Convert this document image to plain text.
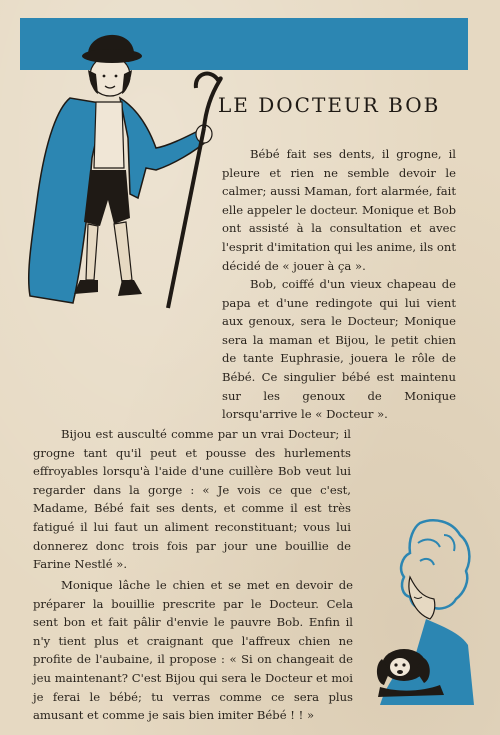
LE DOCTEUR BOB

Bébé fait ses dents, il grogne, il pleure et rien ne semble devoir le calmer; aussi Maman, fort alarmée, fait elle appeler le docteur. Monique et Bob ont assisté à la consultation et avec l'esprit d'imitation qui les anime, ils ont décidé de « jouer à ça ».

Bob, coiffé d'un vieux chapeau de papa et d'une redingote qui lui vient aux genoux, sera le Docteur; Monique sera la maman et Bijou, le petit chien de tante Euphrasie, jouera le rôle de Bébé. Ce singulier bébé est maintenu sur les genoux de Monique lorsqu'arrive le « Docteur ».

Bijou est ausculté comme par un vrai Docteur; il grogne tant qu'il peut et pousse des hurlements effroyables lorsqu'à l'aide d'une cuillère Bob veut lui regarder dans la gorge : « Je vois ce que c'est, Madame, Bébé fait ses dents, et comme il est très fatigué il lui faut un aliment reconstituant; vous lui donnerez donc trois fois par jour une bouillie de Farine Nestlé ».

Monique lâche le chien et se met en devoir de préparer la bouillie prescrite par le Docteur. Cela sent bon et fait pâlir d'envie le pauvre Bob. Enfin il n'y tient plus et craignant que l'affreux chien ne profite de l'aubaine, il propose : « Si on changeait de jeu maintenant? C'est Bijou qui sera le Docteur et moi je ferai le bébé; tu verras comme ce sera plus amusant et comme je sais bien imiter Bébé ! ! »
